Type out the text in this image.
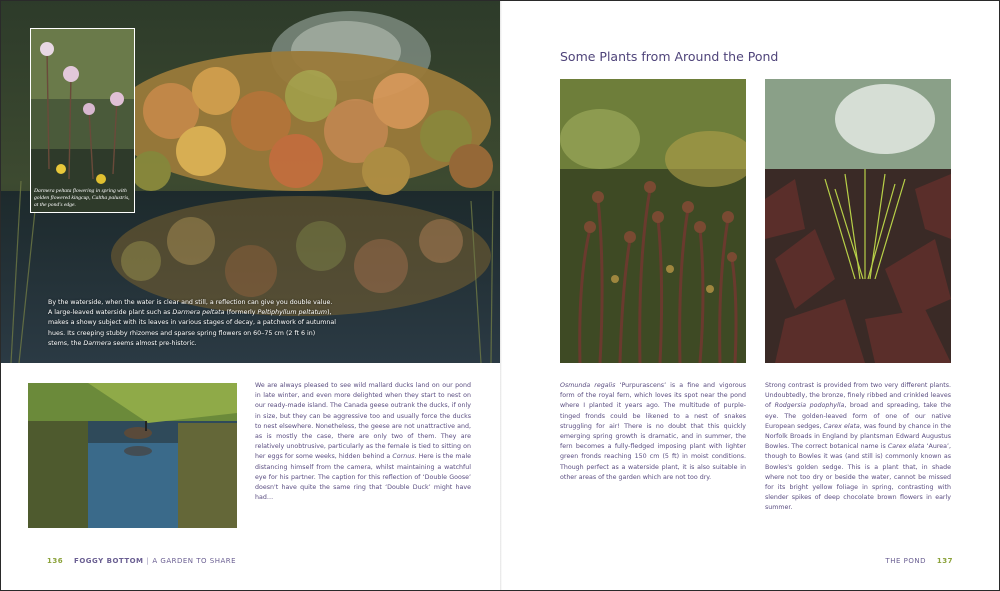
Darmera peltata flowering in spring with golden flowered kingcup, Caltha palustris, at the pond's edge.
By the waterside, when the water is clear and still, a reflection can give you double value. A large-leaved waterside plant such as Darmera peltata (formerly Peltiphyllum peltatum), makes a showy subject with its leaves in various stages of decay, a patchwork of autumnal hues. Its creeping stubby rhizomes and sparse spring flowers on 60–75 cm (2 ft 6 in) stems, the Darmera seems almost pre-historic.
We are always pleased to see wild mallard ducks land on our pond in late winter, and even more delighted when they start to nest on our ready-made island. The Canada geese outrank the ducks, if only in size, but they can be aggressive too and usually force the ducks to nest elsewhere. Nonetheless, the geese are not unattractive and, as is mostly the case, there are only two of them. They are relatively unobtrusive, particularly as the female is tied to sitting on her eggs for some weeks, hidden behind a Cornus. Here is the male distancing himself from the camera, whilst maintaining a watchful eye for his partner. The caption for this reflection of ‘Double Goose’ doesn't have quite the same ring that ‘Double Duck’ might have had…
136 FOGGY BOTTOM | A GARDEN TO SHARE
Some Plants from Around the Pond
Osmunda regalis ‘Purpurascens’ is a fine and vigorous form of the royal fern, which loves its spot near the pond where I planted it years ago. The multitude of purple-tinged fronds could be likened to a nest of snakes struggling for air! There is no doubt that this quickly emerging spring growth is dramatic, and in summer, the fern becomes a fully-fledged imposing plant with lighter green fronds reaching 150 cm (5 ft) in moist conditions. Though perfect as a waterside plant, it is also suitable in other areas of the garden which are not too dry.
Strong contrast is provided from two very different plants. Undoubtedly, the bronze, finely ribbed and crinkled leaves of Rodgersia podophylla, broad and spreading, take the eye. The golden-leaved form of one of our native European sedges, Carex elata, was found by chance in the Norfolk Broads in England by plantsman Edward Augustus Bowles. The correct botanical name is Carex elata ‘Aurea’, though to Bowles it was (and still is) commonly known as Bowles's golden sedge. This is a plant that, in shade where not too dry or beside the water, cannot be missed for its bright yellow foliage in spring, contrasting with slender spikes of deep chocolate brown flowers in early summer.
THE POND 137
